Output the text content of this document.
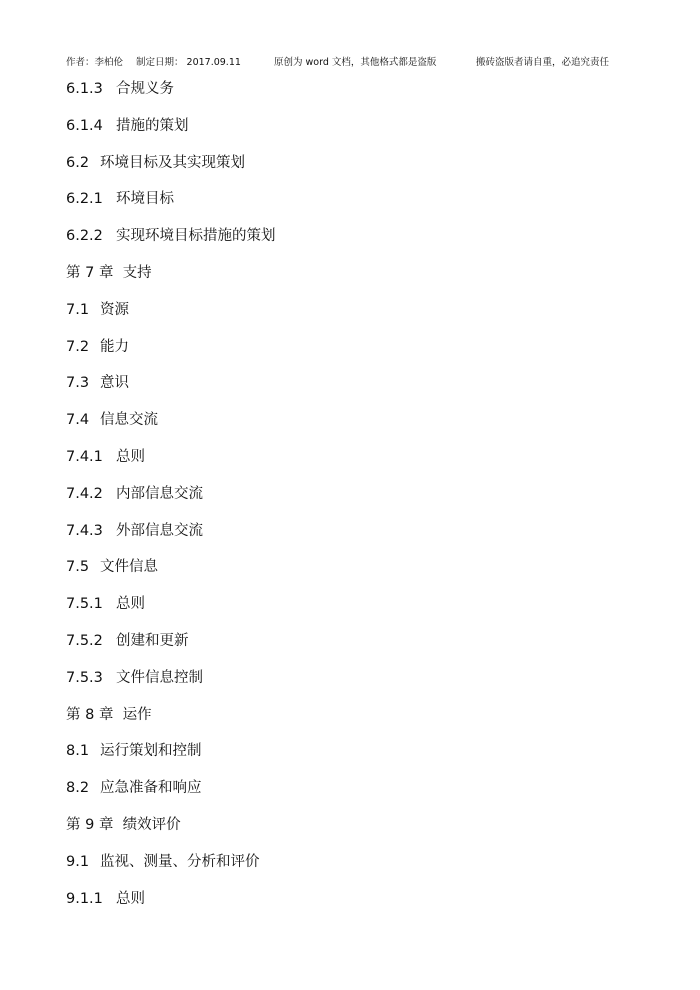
作者：李柏伦 制定日期： 2017.09.11	原创为 word 文档，其他格式都是盗版	搬砖盗版者请自重，必追究责任
6.1.3 合规义务
6.1.4 措施的策划
6.2 环境目标及其实现策划
6.2.1 环境目标
6.2.2 实现环境目标措施的策划
第 7 章 支持
7.1 资源
7.2 能力
7.3 意识
7.4 信息交流
7.4.1 总则
7.4.2 内部信息交流
7.4.3 外部信息交流
7.5 文件信息
7.5.1 总则
7.5.2 创建和更新
7.5.3 文件信息控制
第 8 章 运作
8.1 运行策划和控制
8.2 应急准备和响应
第 9 章 绩效评价
9.1 监视、测量、分析和评价
9.1.1 总则
